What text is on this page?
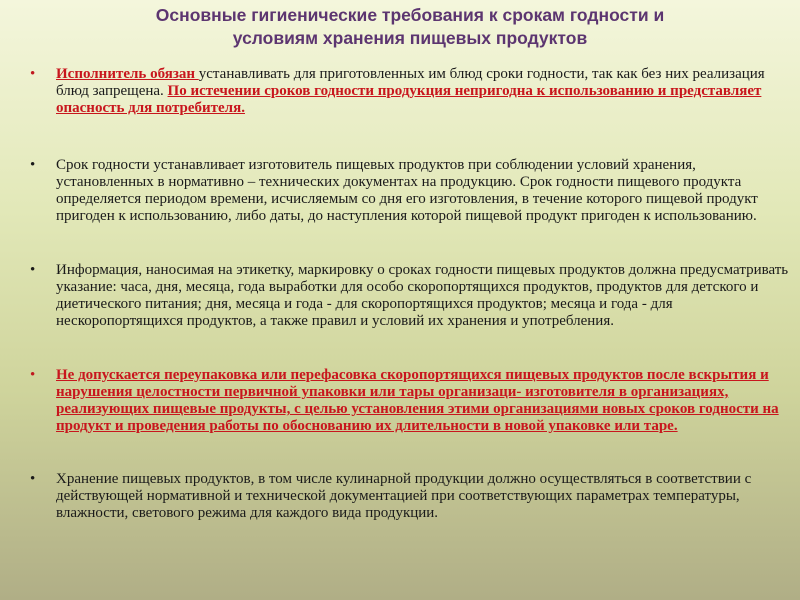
Основные гигиенические требования к срокам годности и
условиям хранения пищевых продуктов
• Исполнитель обязан устанавливать для приготовленных им блюд сроки годности, так как без них реализация блюд запрещена. По истечении сроков годности продукция непригодна к использованию и представляет опасность для потребителя.
• Срок годности устанавливает изготовитель пищевых продуктов при соблюдении условий хранения, установленных в нормативно – технических документах на продукцию. Срок годности пищевого продукта определяется периодом времени, исчисляемым со дня его изготовления, в течение которого пищевой продукт пригоден к использованию, либо даты, до наступления которой пищевой продукт пригоден к использованию.
• Информация, наносимая на этикетку, маркировку о сроках годности пищевых продуктов должна предусматривать указание: часа, дня, месяца, года выработки для особо скоропортящихся продуктов, продуктов для детского и диетического питания; дня, месяца и года - для скоропортящихся продуктов; месяца и года - для нескоропортящихся продуктов, а также правил и условий их хранения и употребления.
• Не допускается переупаковка или перефасовка скоропортящихся пищевых продуктов после вскрытия и нарушения целостности первичной упаковки или тары организаци- изготовителя в организациях, реализующих пищевые продукты, с целью установления этими организациями новых сроков годности на продукт и проведения работы по обоснованию их длительности в новой упаковке или таре.
• Хранение пищевых продуктов, в том числе кулинарной продукции должно осуществляться в соответствии с действующей нормативной и технической документацией при соответствующих параметрах температуры, влажности, светового режима для каждого вида продукции.
